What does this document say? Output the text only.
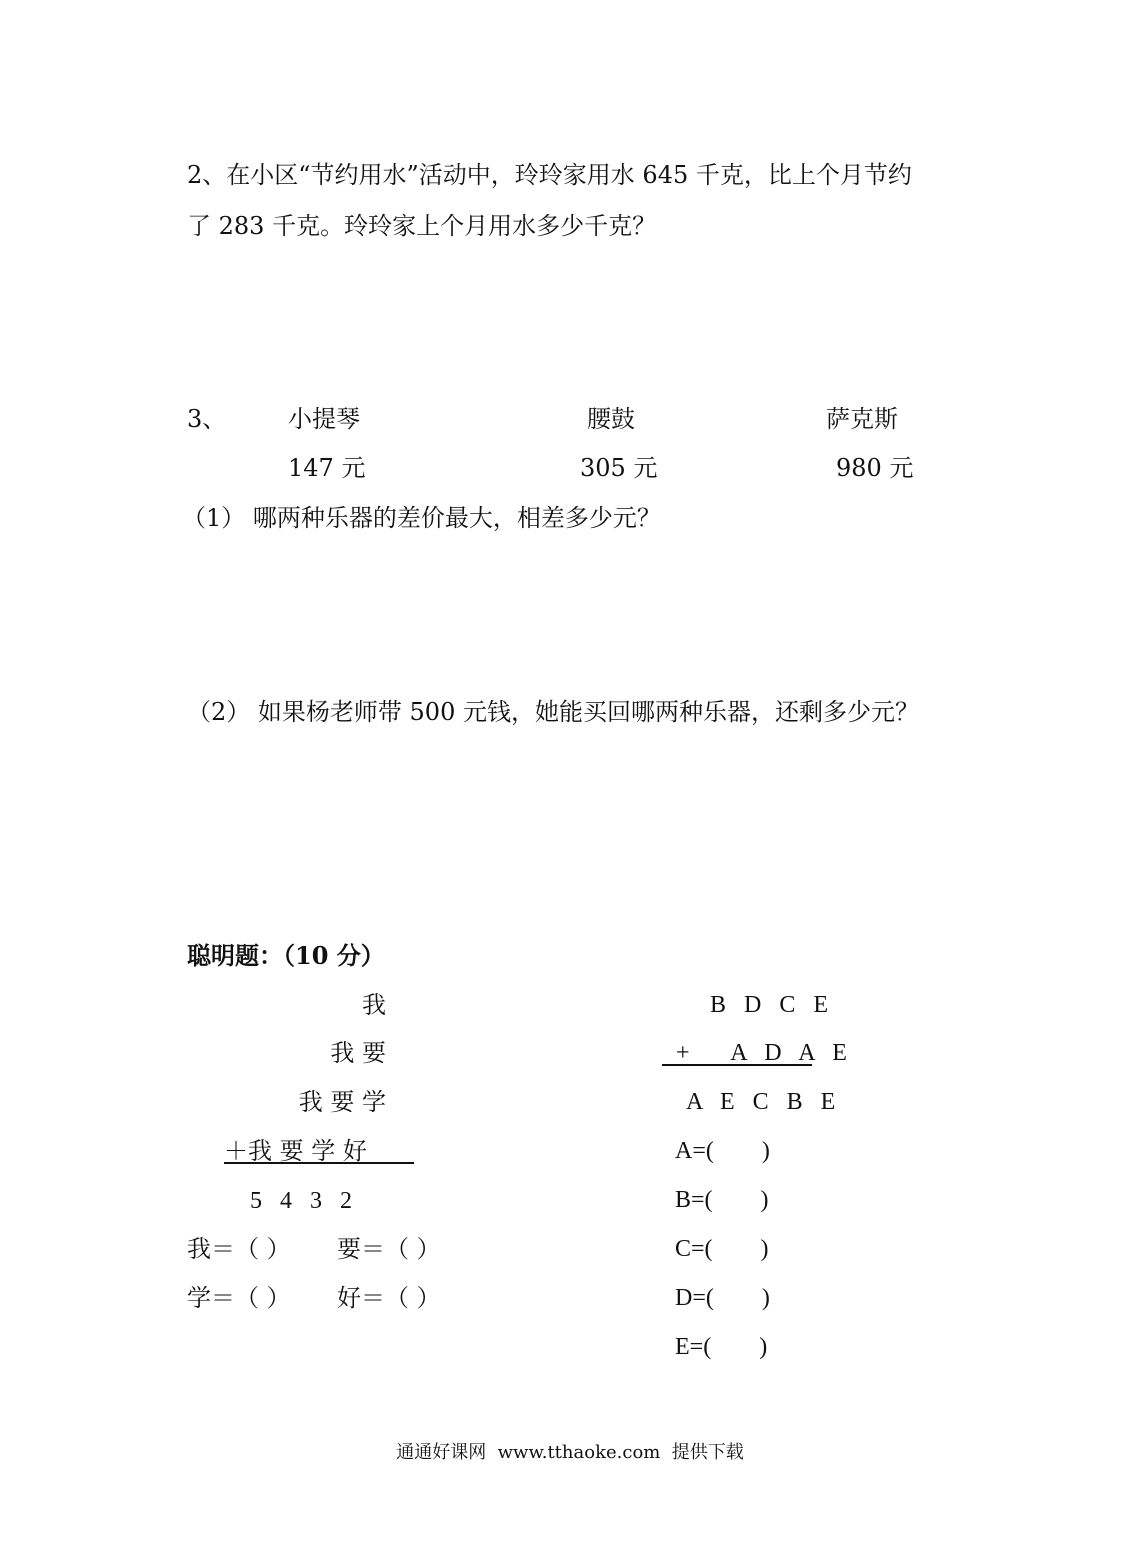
2、在小区“节约用水”活动中，玲玲家用水 645 千克，比上个月节约
了 283 千克。玲玲家上个月用水多少千克？
3、	小提琴	腰鼓	萨克斯
147 元	305 元	980 元
（1） 哪两种乐器的差价最大，相差多少元？
（2） 如果杨老师带 500 元钱，她能买回哪两种乐器，还剩多少元？
聪明题：（10 分）
我
我 要
我 要 学
＋我 要 学 好
5   4   3   2
我＝（ ） 要＝（ ）
学＝（ ） 好＝（ ）
B D C E
+   A D A E
A E C B E
A=(        )
B=(        )
C=(        )
D=(        )
E=(        )
通通好课网  www.tthaoke.com  提供下载
